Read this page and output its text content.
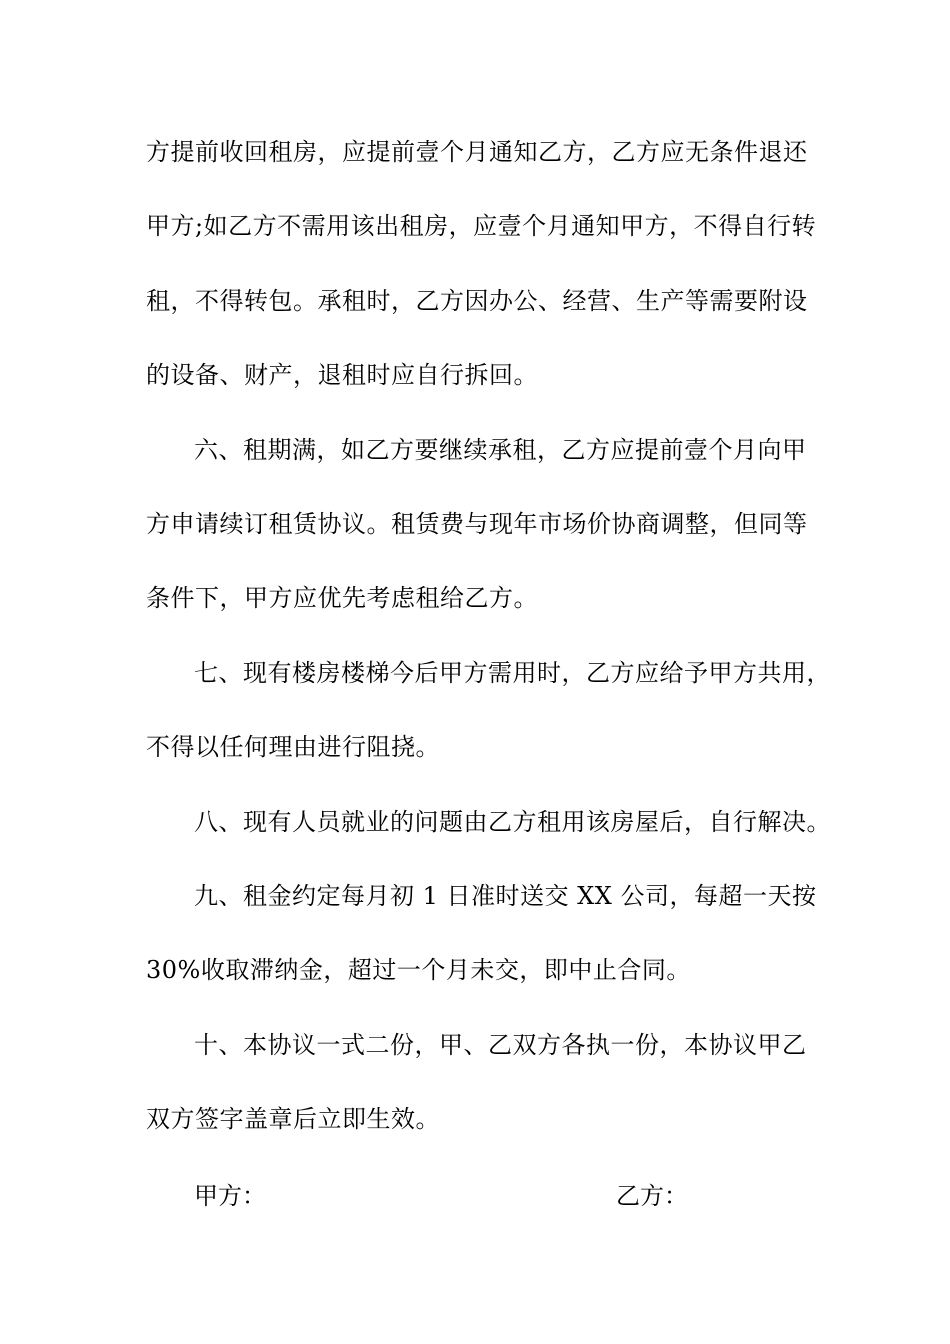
方提前收回租房，应提前壹个月通知乙方，乙方应无条件退还
甲方;如乙方不需用该出租房，应壹个月通知甲方，不得自行转
租，不得转包。承租时，乙方因办公、经营、生产等需要附设
的设备、财产，退租时应自行拆回。
六、租期满，如乙方要继续承租，乙方应提前壹个月向甲
方申请续订租赁协议。租赁费与现年市场价协商调整，但同等
条件下，甲方应优先考虑租给乙方。
七、现有楼房楼梯今后甲方需用时，乙方应给予甲方共用，
不得以任何理由进行阻挠。
八、现有人员就业的问题由乙方租用该房屋后，自行解决。
九、租金约定每月初 1 日准时送交 XX 公司，每超一天按
30%收取滞纳金，超过一个月未交，即中止合同。
十、本协议一式二份，甲、乙双方各执一份，本协议甲乙
双方签字盖章后立即生效。
甲方：	乙方：
